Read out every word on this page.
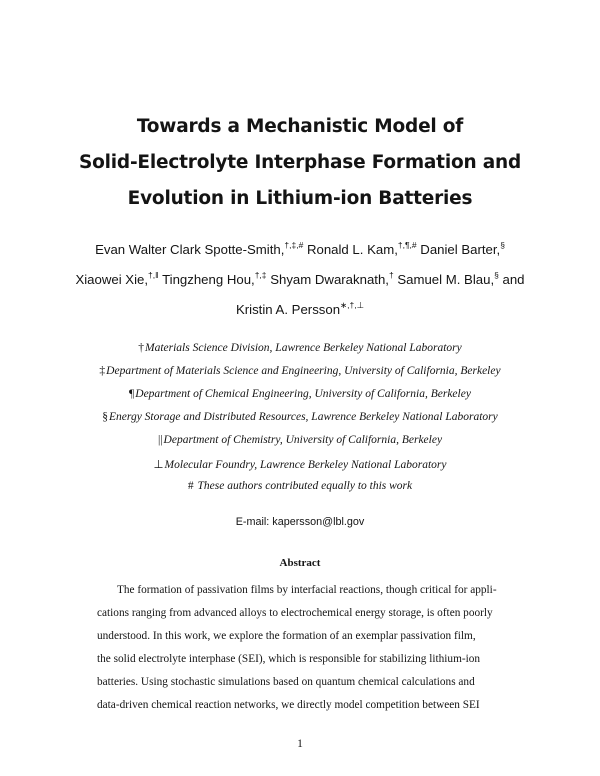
Towards a Mechanistic Model of
Solid-Electrolyte Interphase Formation and
Evolution in Lithium-ion Batteries
Evan Walter Clark Spotte-Smith,†,‡,# Ronald L. Kam,†,¶,# Daniel Barter,§
Xiaowei Xie,†,‖ Tingzheng Hou,†,‡ Shyam Dwaraknath,† Samuel M. Blau,§ and
Kristin A. Persson∗,†,⊥
†Materials Science Division, Lawrence Berkeley National Laboratory
‡Department of Materials Science and Engineering, University of California, Berkeley
¶Department of Chemical Engineering, University of California, Berkeley
§Energy Storage and Distributed Resources, Lawrence Berkeley National Laboratory
||Department of Chemistry, University of California, Berkeley
⊥Molecular Foundry, Lawrence Berkeley National Laboratory
# These authors contributed equally to this work
E-mail: kapersson@lbl.gov
Abstract
The formation of passivation films by interfacial reactions, though critical for appli-
cations ranging from advanced alloys to electrochemical energy storage, is often poorly
understood. In this work, we explore the formation of an exemplar passivation film,
the solid electrolyte interphase (SEI), which is responsible for stabilizing lithium-ion
batteries. Using stochastic simulations based on quantum chemical calculations and
data-driven chemical reaction networks, we directly model competition between SEI
1
